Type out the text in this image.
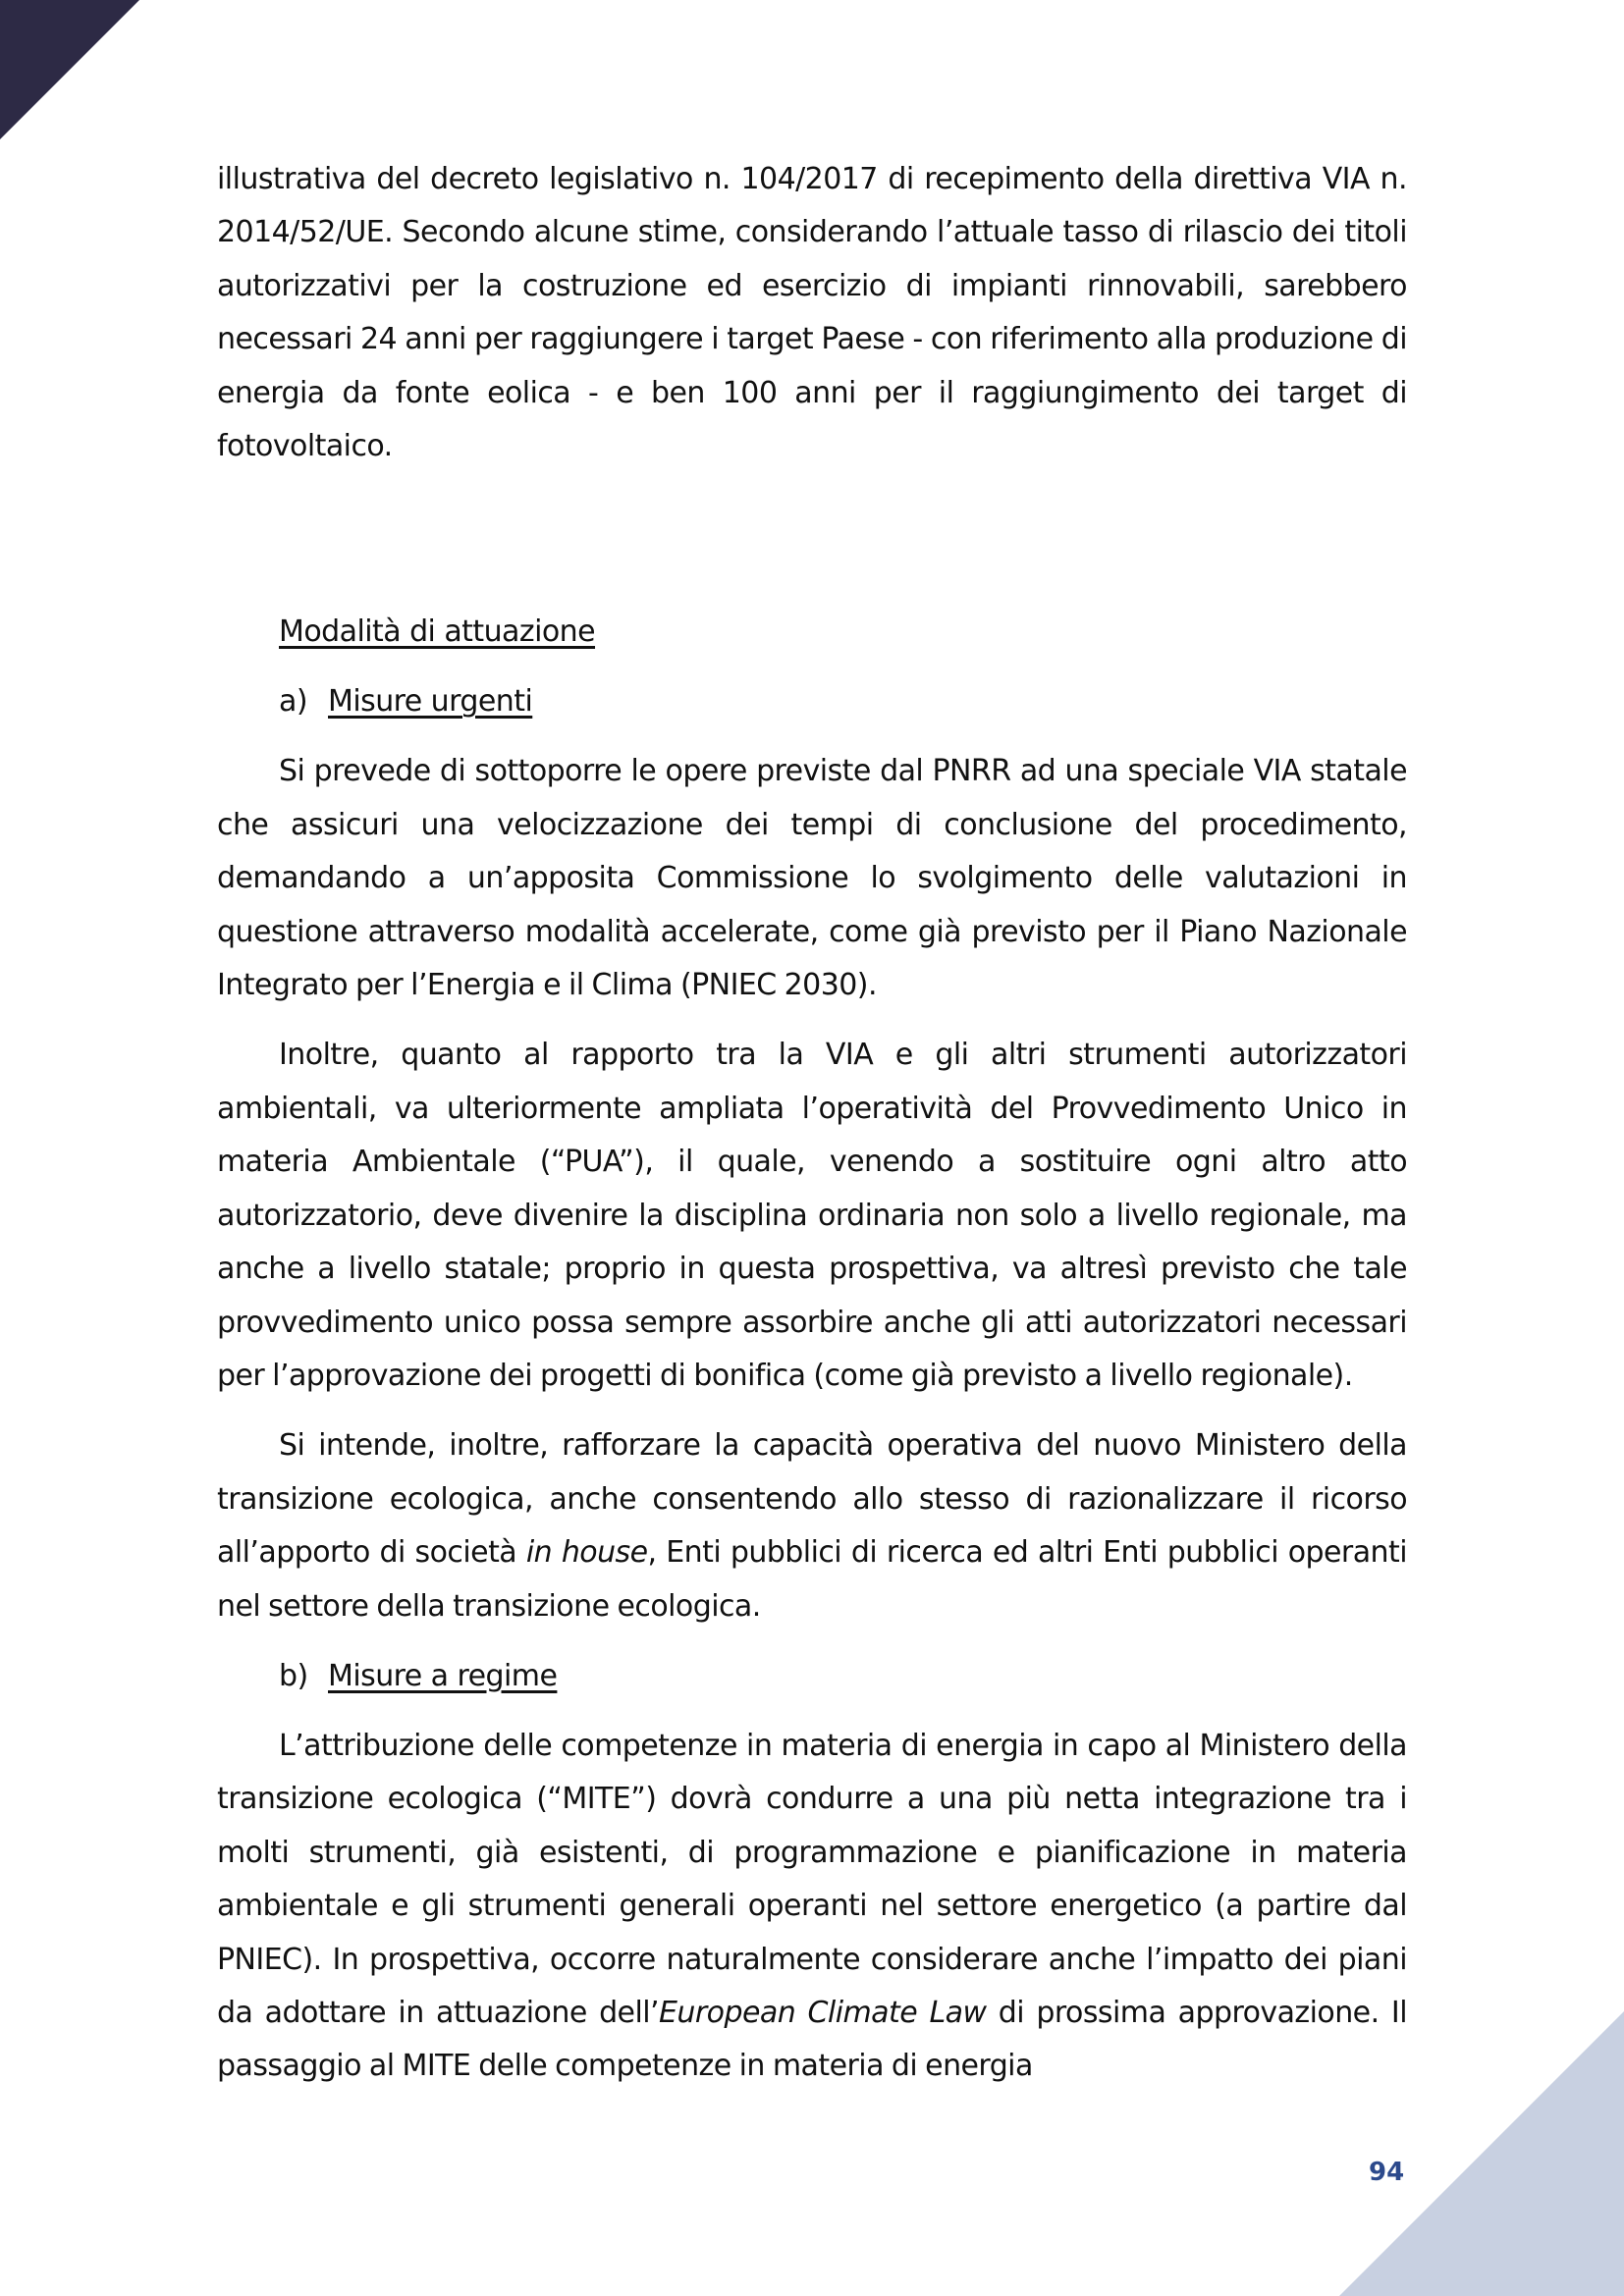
illustrativa del decreto legislativo n. 104/2017 di recepimento della direttiva VIA n. 2014/52/UE. Secondo alcune stime, considerando l’attuale tasso di rilascio dei titoli autorizzativi per la costruzione ed esercizio di impianti rinnovabili, sarebbero necessari 24 anni per raggiungere i target Paese - con riferimento alla produzione di energia da fonte eolica - e ben 100 anni per il raggiungimento dei target di fotovoltaico.

Modalità di attuazione

a) Misure urgenti

Si prevede di sottoporre le opere previste dal PNRR ad una speciale VIA statale che assicuri una velocizzazione dei tempi di conclusione del procedimento, demandando a un’apposita Commissione lo svolgimento delle valutazioni in questione attraverso modalità accelerate, come già previsto per il Piano Nazionale Integrato per l’Energia e il Clima (PNIEC 2030).

Inoltre, quanto al rapporto tra la VIA e gli altri strumenti autorizzatori ambientali, va ulteriormente ampliata l’operatività del Provvedimento Unico in materia Ambientale (“PUA”), il quale, venendo a sostituire ogni altro atto autorizzatorio, deve divenire la disciplina ordinaria non solo a livello regionale, ma anche a livello statale; proprio in questa prospettiva, va altresì previsto che tale provvedimento unico possa sempre assorbire anche gli atti autorizzatori necessari per l’approvazione dei progetti di bonifica (come già previsto a livello regionale).

Si intende, inoltre, rafforzare la capacità operativa del nuovo Ministero della transizione ecologica, anche consentendo allo stesso di razionalizzare il ricorso all’apporto di società in house, Enti pubblici di ricerca ed altri Enti pubblici operanti nel settore della transizione ecologica.

b) Misure a regime

L’attribuzione delle competenze in materia di energia in capo al Ministero della transizione ecologica (“MITE”) dovrà condurre a una più netta integrazione tra i molti strumenti, già esistenti, di programmazione e pianificazione in materia ambientale e gli strumenti generali operanti nel settore energetico (a partire dal PNIEC). In prospettiva, occorre naturalmente considerare anche l’impatto dei piani da adottare in attuazione dell’European Climate Law di prossima approvazione. Il passaggio al MITE delle competenze in materia di energia

94
